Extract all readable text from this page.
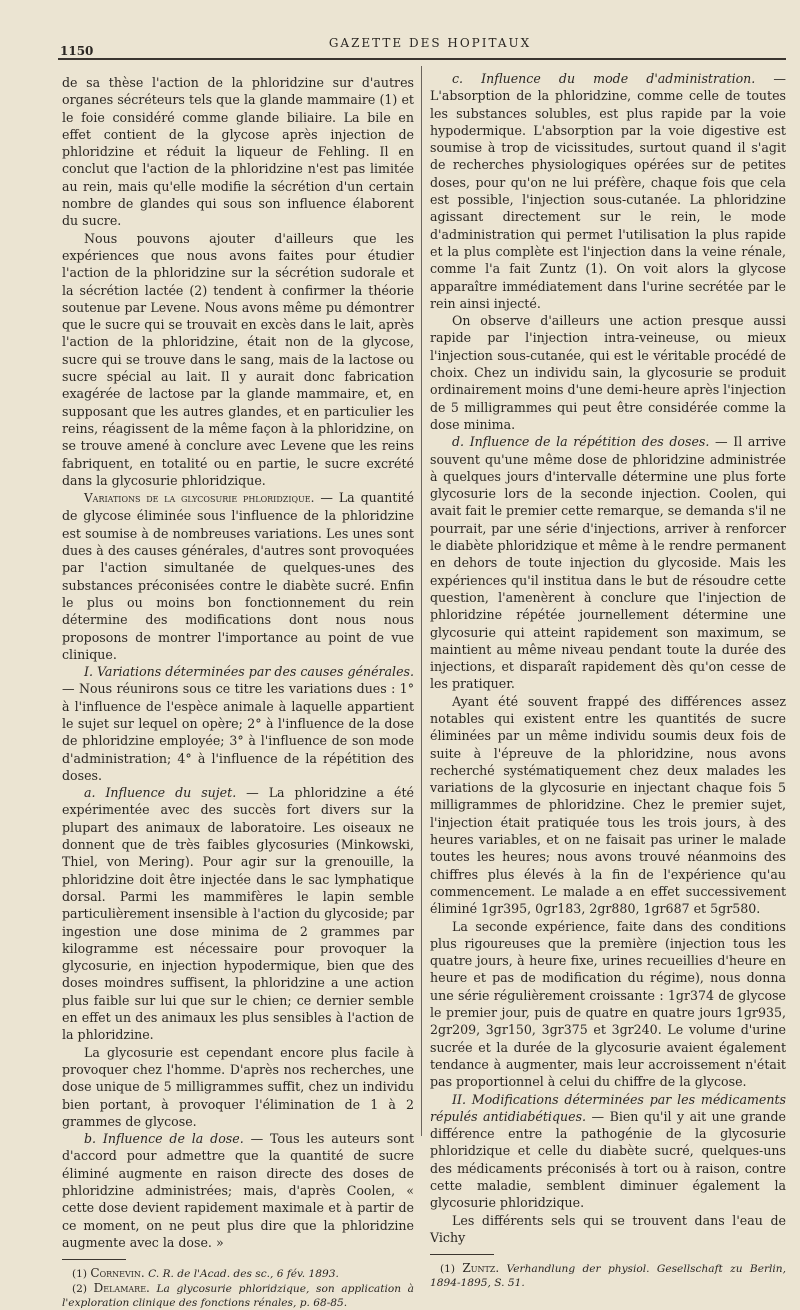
1150
GAZETTE DES HOPITAUX

de sa thèse l'action de la phloridzine sur d'autres organes sécréteurs tels que la glande mammaire (1) et le foie considéré comme glande biliaire. La bile en effet contient de la glycose après injection de phloridzine et réduit la liqueur de Fehling. Il en conclut que l'action de la phloridzine n'est pas limitée au rein, mais qu'elle modifie la sécrétion d'un certain nombre de glandes qui sous son influence élaborent du sucre.

Nous pouvons ajouter d'ailleurs que les expériences que nous avons faites pour étudier l'action de la phloridzine sur la sécrétion sudorale et la sécrétion lactée (2) tendent à confirmer la théorie soutenue par Levene. Nous avons même pu démontrer que le sucre qui se trouvait en excès dans le lait, après l'action de la phloridzine, était non de la glycose, sucre qui se trouve dans le sang, mais de la lactose ou sucre spécial au lait. Il y aurait donc fabrication exagérée de lactose par la glande mammaire, et, en supposant que les autres glandes, et en particulier les reins, réagissent de la même façon à la phloridzine, on se trouve amené à conclure avec Levene que les reins fabriquent, en totalité ou en partie, le sucre excrété dans la glycosurie phloridzique.

Variations de la glycosurie phloridzique. — La quantité de glycose éliminée sous l'influence de la phloridzine est soumise à de nombreuses variations. Les unes sont dues à des causes générales, d'autres sont provoquées par l'action simultanée de quelques-unes des substances préconisées contre le diabète sucré. Enfin le plus ou moins bon fonctionnement du rein détermine des modifications dont nous nous proposons de montrer l'importance au point de vue clinique.

I. Variations déterminées par des causes générales. — Nous réunirons sous ce titre les variations dues : 1° à l'influence de l'espèce animale à laquelle appartient le sujet sur lequel on opère; 2° à l'influence de la dose de phloridzine employée; 3° à l'influence de son mode d'administration; 4° à l'influence de la répétition des doses.

a. Influence du sujet. — La phloridzine a été expérimentée avec des succès fort divers sur la plupart des animaux de laboratoire. Les oiseaux ne donnent que de très faibles glycosuries (Minkowski, Thiel, von Mering). Pour agir sur la grenouille, la phloridzine doit être injectée dans le sac lymphatique dorsal. Parmi les mammifères le lapin semble particulièrement insensible à l'action du glycoside; par ingestion une dose minima de 2 grammes par kilogramme est nécessaire pour provoquer la glycosurie, en injection hypodermique, bien que des doses moindres suffisent, la phloridzine a une action plus faible sur lui que sur le chien; ce dernier semble en effet un des animaux les plus sensibles à l'action de la phloridzine.

La glycosurie est cependant encore plus facile à provoquer chez l'homme. D'après nos recherches, une dose unique de 5 milligrammes suffit, chez un individu bien portant, à provoquer l'élimination de 1 à 2 grammes de glycose.

b. Influence de la dose. — Tous les auteurs sont d'accord pour admettre que la quantité de sucre éliminé augmente en raison directe des doses de phloridzine administrées; mais, d'après Coolen, « cette dose devient rapidement maximale et à partir de ce moment, on ne peut plus dire que la phloridzine augmente avec la dose. »

(1) Cornevin. C. R. de l'Acad. des sc., 6 fév. 1893.
(2) Delamare. La glycosurie phloridzique, son application à l'exploration clinique des fonctions rénales, p. 68-85.

c. Influence du mode d'administration. — L'absorption de la phloridzine, comme celle de toutes les substances solubles, est plus rapide par la voie hypodermique. L'absorption par la voie digestive est soumise à trop de vicissitudes, surtout quand il s'agit de recherches physiologiques opérées sur de petites doses, pour qu'on ne lui préfère, chaque fois que cela est possible, l'injection sous-cutanée. La phloridzine agissant directement sur le rein, le mode d'administration qui permet l'utilisation la plus rapide et la plus complète est l'injection dans la veine rénale, comme l'a fait Zuntz (1). On voit alors la glycose apparaître immédiatement dans l'urine secrétée par le rein ainsi injecté.

On observe d'ailleurs une action presque aussi rapide par l'injection intra-veineuse, ou mieux l'injection sous-cutanée, qui est le véritable procédé de choix. Chez un individu sain, la glycosurie se produit ordinairement moins d'une demi-heure après l'injection de 5 milligrammes qui peut être considérée comme la dose minima.

d. Influence de la répétition des doses. — Il arrive souvent qu'une même dose de phloridzine administrée à quelques jours d'intervalle détermine une plus forte glycosurie lors de la seconde injection. Coolen, qui avait fait le premier cette remarque, se demanda s'il ne pourrait, par une série d'injections, arriver à renforcer le diabète phloridzique et même à le rendre permanent en dehors de toute injection du glycoside. Mais les expériences qu'il institua dans le but de résoudre cette question, l'amenèrent à conclure que l'injection de phloridzine répétée journellement détermine une glycosurie qui atteint rapidement son maximum, se maintient au même niveau pendant toute la durée des injections, et disparaît rapidement dès qu'on cesse de les pratiquer.

Ayant été souvent frappé des différences assez notables qui existent entre les quantités de sucre éliminées par un même individu soumis deux fois de suite à l'épreuve de la phloridzine, nous avons recherché systématiquement chez deux malades les variations de la glycosurie en injectant chaque fois 5 milligrammes de phloridzine. Chez le premier sujet, l'injection était pratiquée tous les trois jours, à des heures variables, et on ne faisait pas uriner le malade toutes les heures; nous avons trouvé néanmoins des chiffres plus élevés à la fin de l'expérience qu'au commencement. Le malade a en effet successivement éliminé 1gr395, 0gr183, 2gr880, 1gr687 et 5gr580.

La seconde expérience, faite dans des conditions plus rigoureuses que la première (injection tous les quatre jours, à heure fixe, urines recueillies d'heure en heure et pas de modification du régime), nous donna une série régulièrement croissante : 1gr374 de glycose le premier jour, puis de quatre en quatre jours 1gr935, 2gr209, 3gr150, 3gr375 et 3gr240. Le volume d'urine sucrée et la durée de la glycosurie avaient également tendance à augmenter, mais leur accroissement n'était pas proportionnel à celui du chiffre de la glycose.

II. Modifications déterminées par les médicaments répulés antidiabétiques. — Bien qu'il y ait une grande différence entre la pathogénie de la glycosurie phloridzique et celle du diabète sucré, quelques-uns des médicaments préconisés à tort ou à raison, contre cette maladie, semblent diminuer également la glycosurie phloridzique.

Les différents sels qui se trouvent dans l'eau de Vichy

(1) Zuntz. Verhandlung der physiol. Gesellschaft zu Berlin, 1894-1895, S. 51.
